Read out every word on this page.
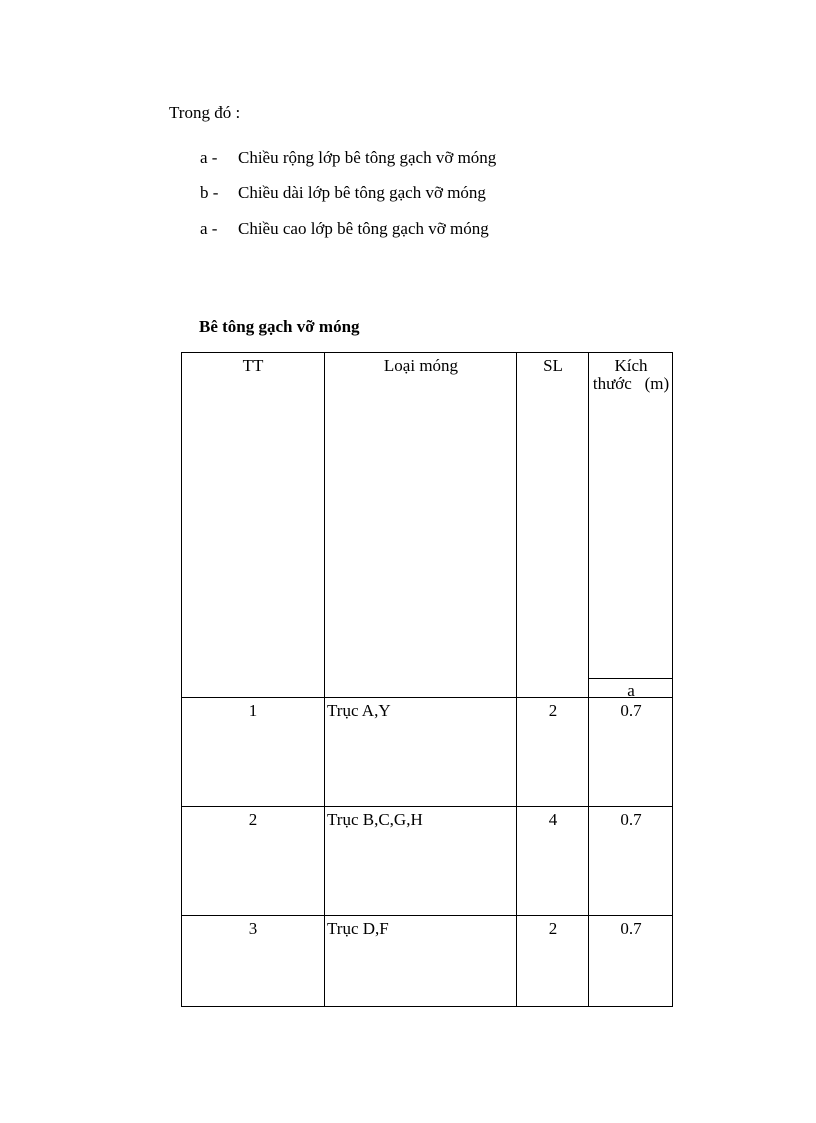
Trong đó :
a - Chiều rộng lớp bê tông gạch vỡ móng
b - Chiều dài lớp bê tông gạch vỡ móng
a - Chiều cao lớp bê tông gạch vỡ móng
Bê tông gạch vỡ móng
TT	Loại móng	SL	Kích
thước   (m)
a
1	Trục A,Y	2	0.7
2	Trục B,C,G,H	4	0.7
3	Trục D,F	2	0.7
